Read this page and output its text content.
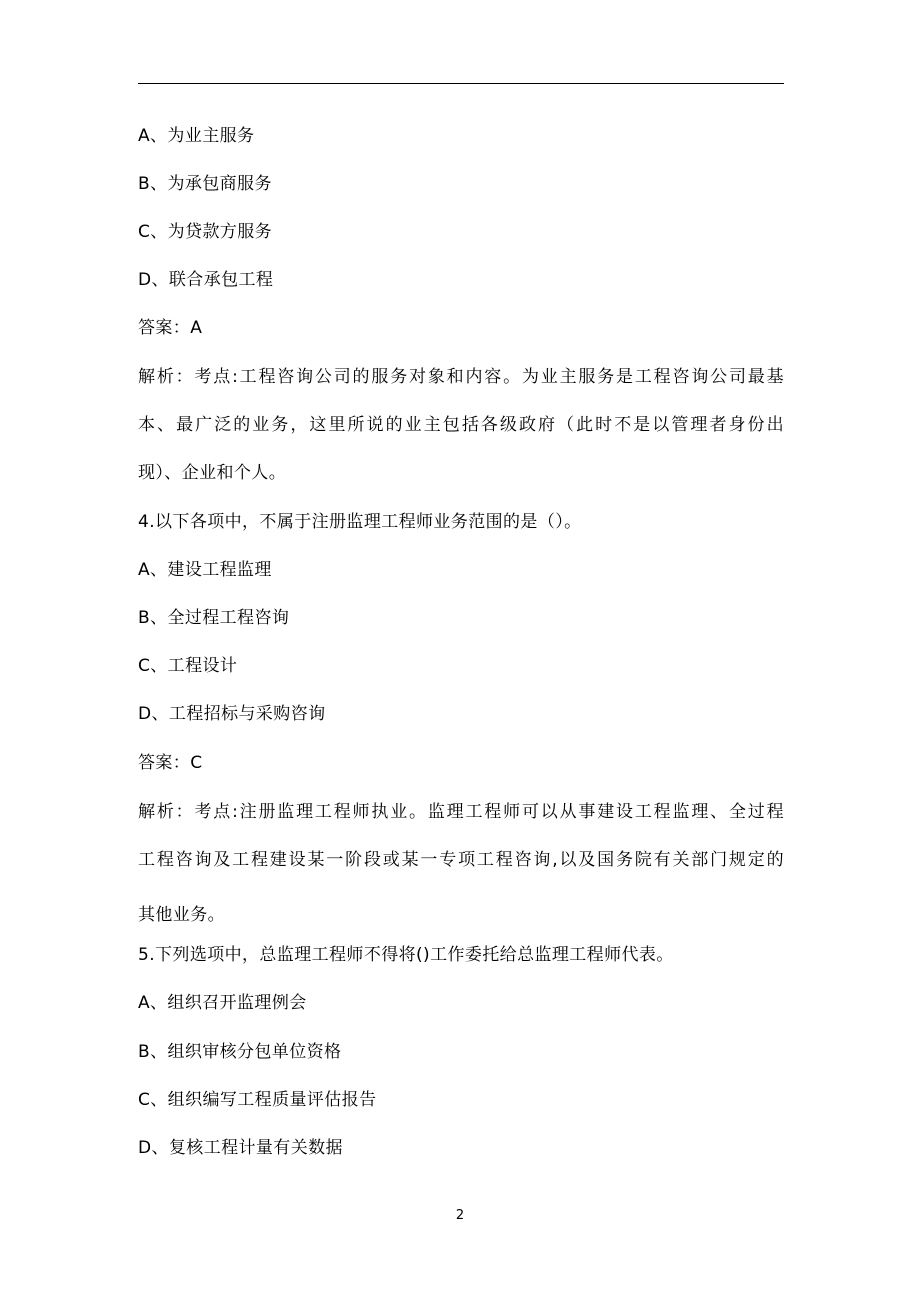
A、为业主服务
B、为承包商服务
C、为贷款方服务
D、联合承包工程
答案：A
解析：考点:工程咨询公司的服务对象和内容。为业主服务是工程咨询公司最基
本、最广泛的业务，这里所说的业主包括各级政府（此时不是以管理者身份出
现）、企业和个人。
4.以下各项中，不属于注册监理工程师业务范围的是（）。
A、建设工程监理
B、全过程工程咨询
C、工程设计
D、工程招标与采购咨询
答案：C
解析：考点:注册监理工程师执业。监理工程师可以从事建设工程监理、全过程
工程咨询及工程建设某一阶段或某一专项工程咨询,以及国务院有关部门规定的
其他业务。
5.下列选项中，总监理工程师不得将()工作委托给总监理工程师代表。
A、组织召开监理例会
B、组织审核分包单位资格
C、组织编写工程质量评估报告
D、复核工程计量有关数据
2
